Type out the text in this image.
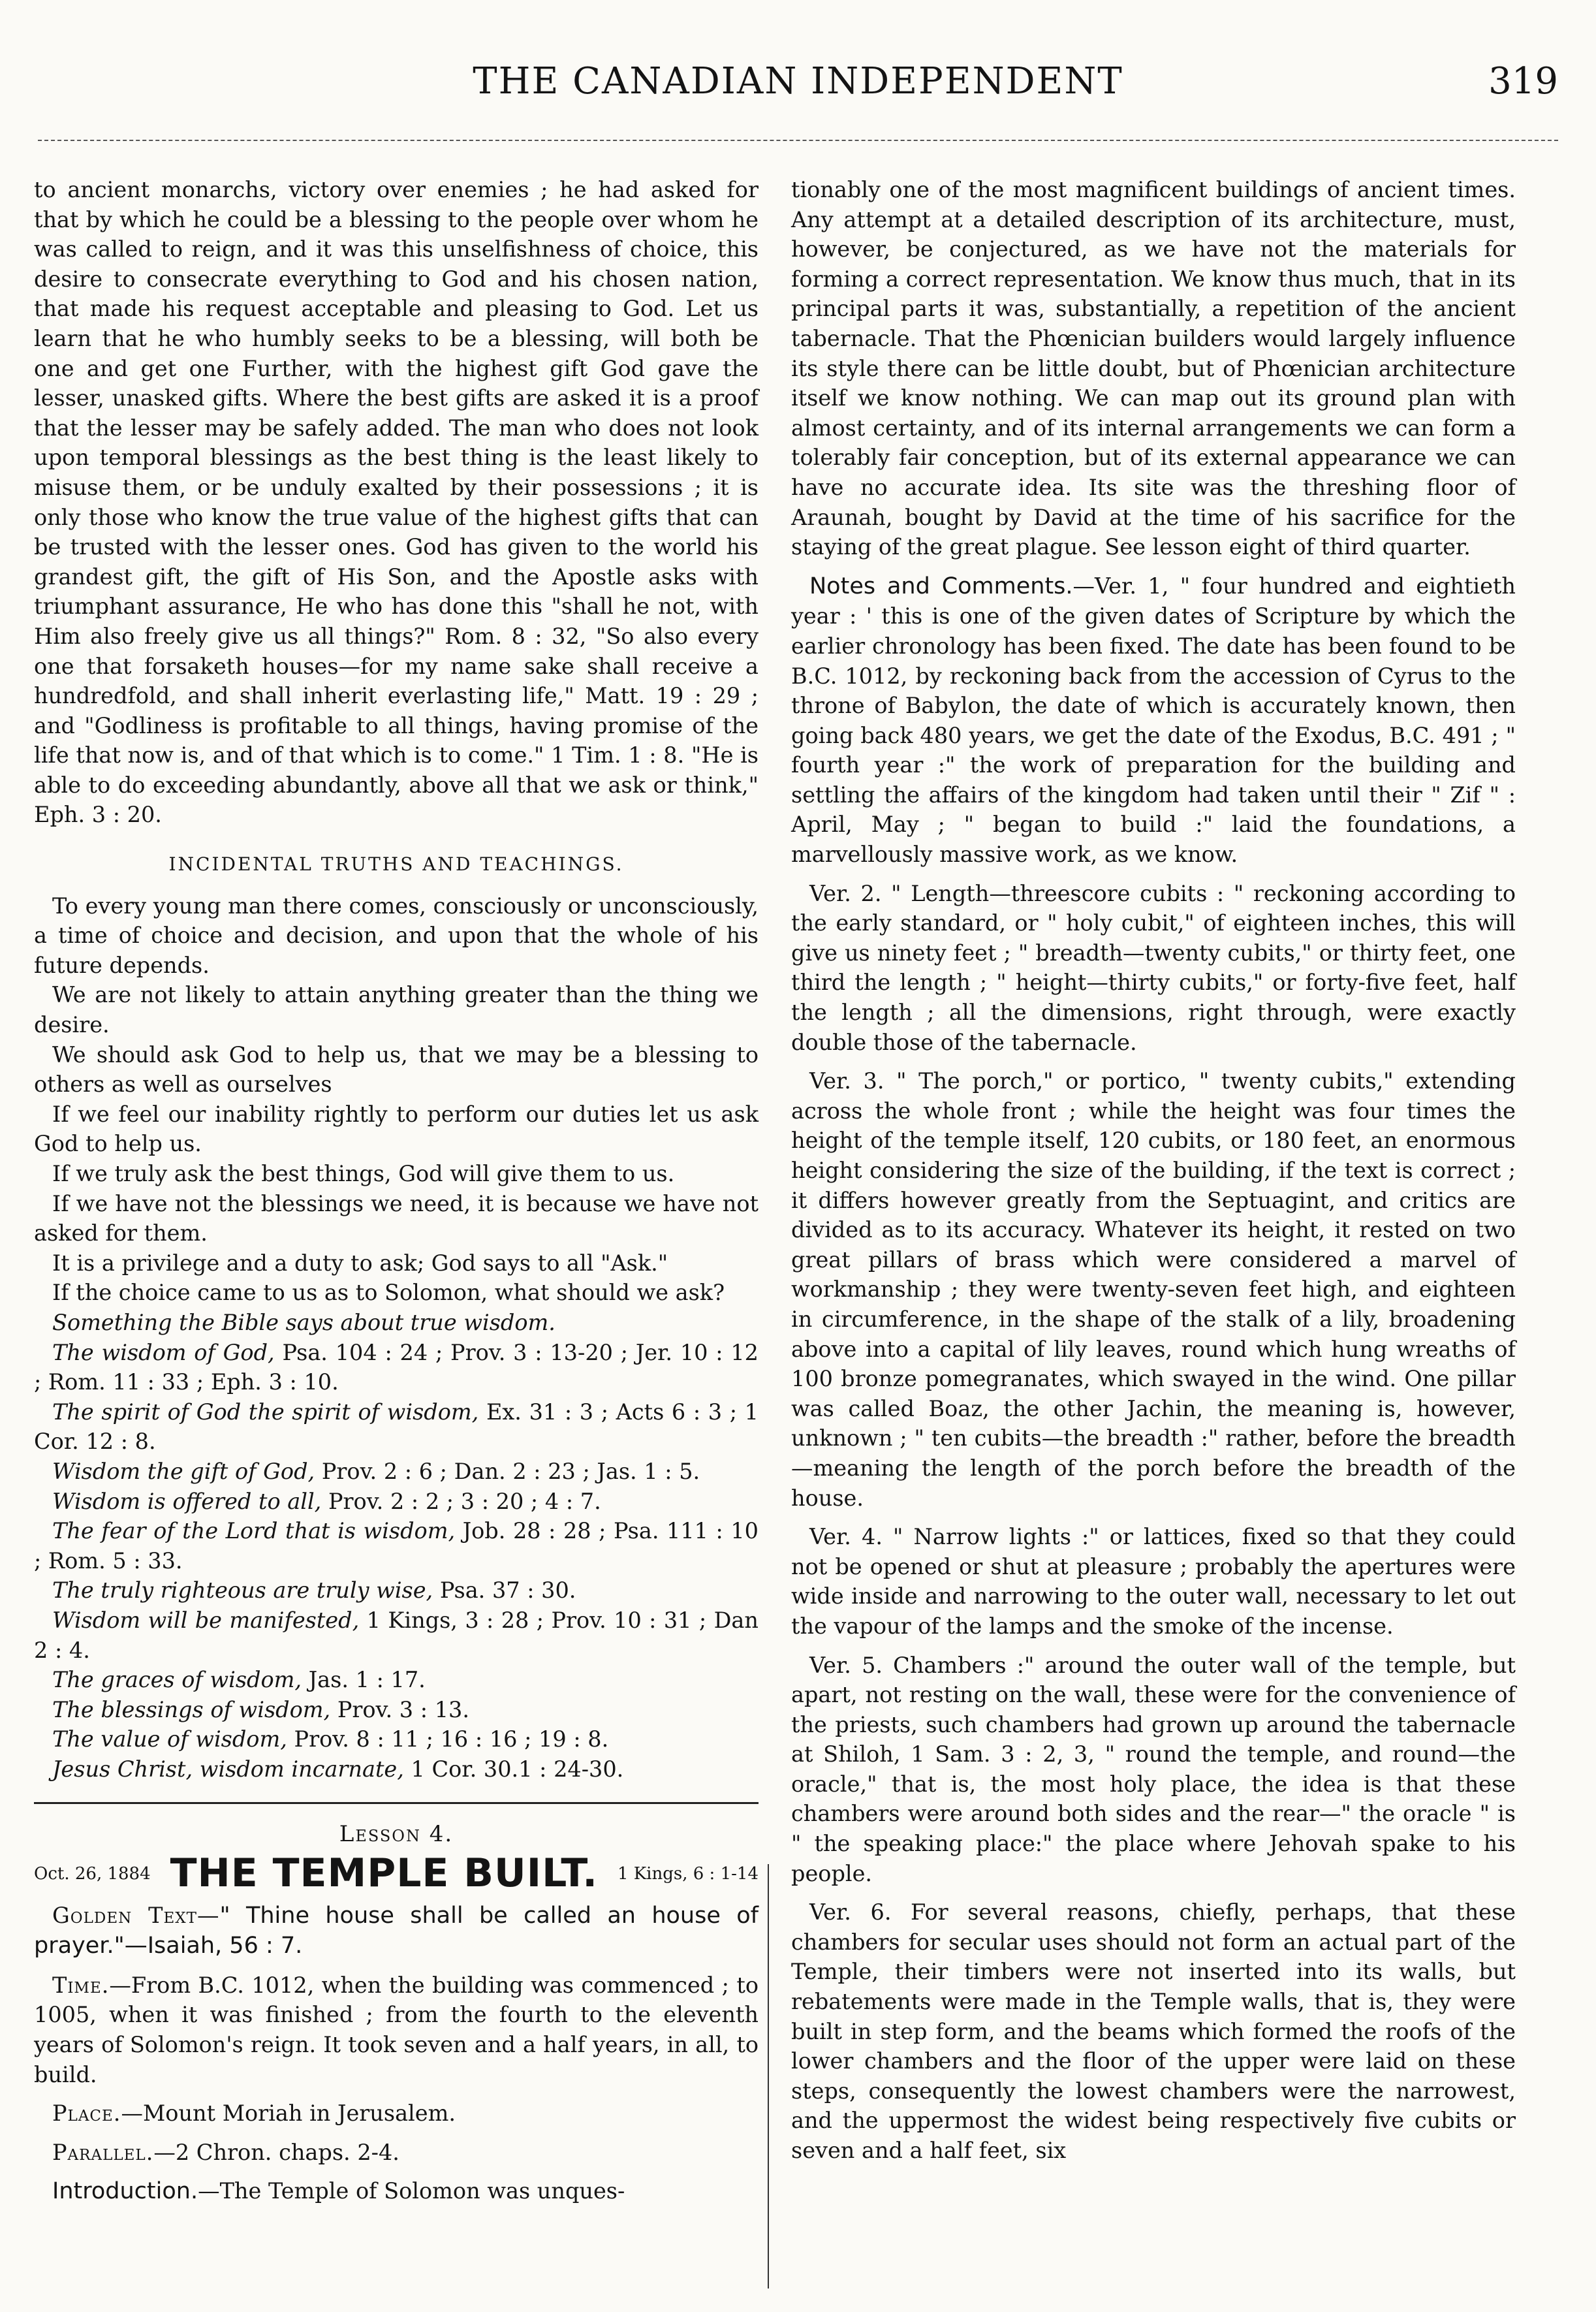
THE CANADIAN INDEPENDENT	319

to ancient monarchs, victory over enemies ; he had asked for that by which he could be a blessing to the people over whom he was called to reign, and it was this unselfishness of choice, this desire to consecrate everything to God and his chosen nation, that made his request acceptable and pleasing to God. Let us learn that he who humbly seeks to be a blessing, will both be one and get one Further, with the highest gift God gave the lesser, unasked gifts. Where the best gifts are asked it is a proof that the lesser may be safely added. The man who does not look upon temporal blessings as the best thing is the least likely to misuse them, or be unduly exalted by their possessions ; it is only those who know the true value of the highest gifts that can be trusted with the lesser ones. God has given to the world his grandest gift, the gift of His Son, and the Apostle asks with triumphant assurance, He who has done this "shall he not, with Him also freely give us all things?" Rom. 8 : 32, "So also every one that forsaketh houses—for my name sake shall receive a hundredfold, and shall inherit everlasting life," Matt. 19 : 29 ; and "Godliness is profitable to all things, having promise of the life that now is, and of that which is to come." 1 Tim. 1 : 8. "He is able to do exceeding abundantly, above all that we ask or think," Eph. 3 : 20.

INCIDENTAL TRUTHS AND TEACHINGS.

To every young man there comes, consciously or unconsciously, a time of choice and decision, and upon that the whole of his future depends.

We are not likely to attain anything greater than the thing we desire.

We should ask God to help us, that we may be a blessing to others as well as ourselves

If we feel our inability rightly to perform our duties let us ask God to help us.

If we truly ask the best things, God will give them to us.

If we have not the blessings we need, it is because we have not asked for them.

It is a privilege and a duty to ask; God says to all "Ask."

If the choice came to us as to Solomon, what should we ask?

Something the Bible says about true wisdom.

The wisdom of God, Psa. 104 : 24 ; Prov. 3 : 13-20 ; Jer. 10 : 12 ; Rom. 11 : 33 ; Eph. 3 : 10.

The spirit of God the spirit of wisdom, Ex. 31 : 3 ; Acts 6 : 3 ; 1 Cor. 12 : 8.

Wisdom the gift of God, Prov. 2 : 6 ; Dan. 2 : 23 ; Jas. 1 : 5.

Wisdom is offered to all, Prov. 2 : 2 ; 3 : 20 ; 4 : 7.

The fear of the Lord that is wisdom, Job. 28 : 28 ; Psa. 111 : 10 ; Rom. 5 : 33.

The truly righteous are truly wise, Psa. 37 : 30.

Wisdom will be manifested, 1 Kings, 3 : 28 ; Prov. 10 : 31 ; Dan 2 : 4.

The graces of wisdom, Jas. 1 : 17.

The blessings of wisdom, Prov. 3 : 13.

The value of wisdom, Prov. 8 : 11 ; 16 : 16 ; 19 : 8.

Jesus Christ, wisdom incarnate, 1 Cor. 30.1 : 24-30.

Lesson 4.
Oct. 26, 1884 THE TEMPLE BUILT. 1 Kings, 6 : 1-14

Golden Text—" Thine house shall be called an house of prayer."—Isaiah, 56 : 7.

Time.—From B.C. 1012, when the building was commenced ; to 1005, when it was finished ; from the fourth to the eleventh years of Solomon's reign. It took seven and a half years, in all, to build.

Place.—Mount Moriah in Jerusalem.

Parallel.—2 Chron. chaps. 2-4.

Introduction.—The Temple of Solomon was unques-

tionably one of the most magnificent buildings of ancient times. Any attempt at a detailed description of its architecture, must, however, be conjectured, as we have not the materials for forming a correct representation. We know thus much, that in its principal parts it was, substantially, a repetition of the ancient tabernacle. That the Phœnician builders would largely influence its style there can be little doubt, but of Phœnician architecture itself we know nothing. We can map out its ground plan with almost certainty, and of its internal arrangements we can form a tolerably fair conception, but of its external appearance we can have no accurate idea. Its site was the threshing floor of Araunah, bought by David at the time of his sacrifice for the staying of the great plague. See lesson eight of third quarter.

Notes and Comments.—Ver. 1, " four hundred and eightieth year : ' this is one of the given dates of Scripture by which the earlier chronology has been fixed. The date has been found to be B.C. 1012, by reckoning back from the accession of Cyrus to the throne of Babylon, the date of which is accurately known, then going back 480 years, we get the date of the Exodus, B.C. 491 ; " fourth year :" the work of preparation for the building and settling the affairs of the kingdom had taken until their " Zif " : April, May ; " began to build :" laid the foundations, a marvellously massive work, as we know.

Ver. 2. " Length—threescore cubits : " reckoning according to the early standard, or " holy cubit," of eighteen inches, this will give us ninety feet ; " breadth—twenty cubits," or thirty feet, one third the length ; " height—thirty cubits," or forty-five feet, half the length ; all the dimensions, right through, were exactly double those of the tabernacle.

Ver. 3. " The porch," or portico, " twenty cubits," extending across the whole front ; while the height was four times the height of the temple itself, 120 cubits, or 180 feet, an enormous height considering the size of the building, if the text is correct ; it differs however greatly from the Septuagint, and critics are divided as to its accuracy. Whatever its height, it rested on two great pillars of brass which were considered a marvel of workmanship ; they were twenty-seven feet high, and eighteen in circumference, in the shape of the stalk of a lily, broadening above into a capital of lily leaves, round which hung wreaths of 100 bronze pomegranates, which swayed in the wind. One pillar was called Boaz, the other Jachin, the meaning is, however, unknown ; " ten cubits—the breadth :" rather, before the breadth—meaning the length of the porch before the breadth of the house.

Ver. 4. " Narrow lights :" or lattices, fixed so that they could not be opened or shut at pleasure ; probably the apertures were wide inside and narrowing to the outer wall, necessary to let out the vapour of the lamps and the smoke of the incense.

Ver. 5. Chambers :" around the outer wall of the temple, but apart, not resting on the wall, these were for the convenience of the priests, such chambers had grown up around the tabernacle at Shiloh, 1 Sam. 3 : 2, 3, " round the temple, and round—the oracle," that is, the most holy place, the idea is that these chambers were around both sides and the rear—" the oracle " is " the speaking place:" the place where Jehovah spake to his people.

Ver. 6. For several reasons, chiefly, perhaps, that these chambers for secular uses should not form an actual part of the Temple, their timbers were not inserted into its walls, but rebatements were made in the Temple walls, that is, they were built in step form, and the beams which formed the roofs of the lower chambers and the floor of the upper were laid on these steps, consequently the lowest chambers were the narrowest, and the uppermost the widest being respectively five cubits or seven and a half feet, six
